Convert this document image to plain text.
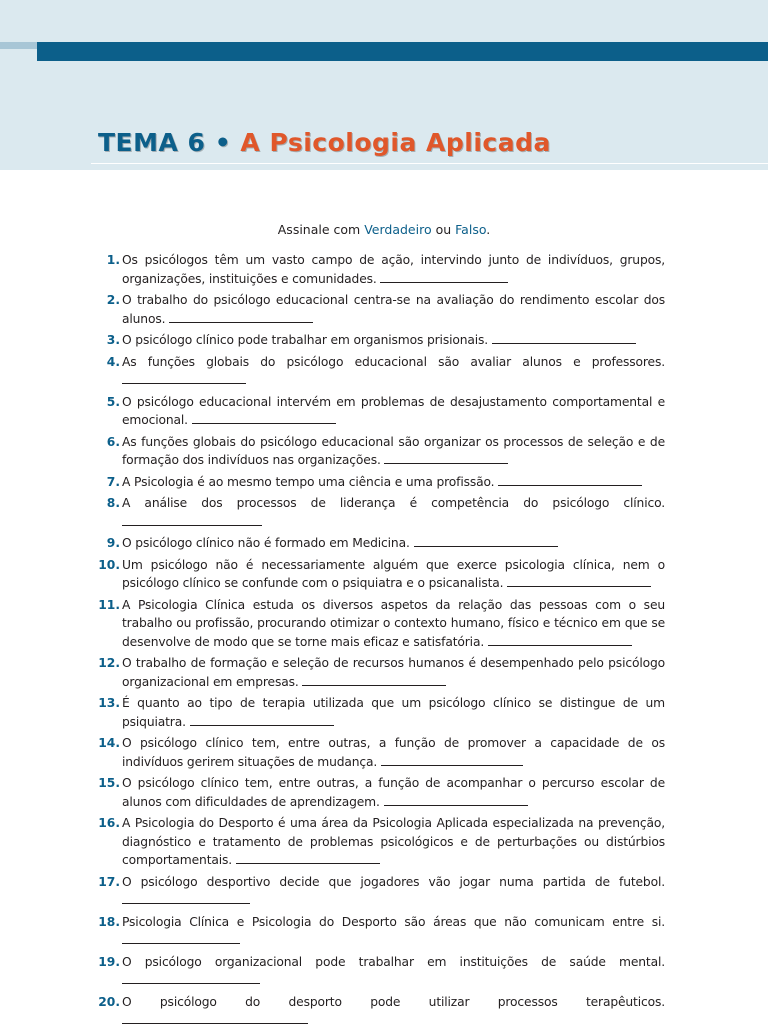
TEMA 6 • A Psicologia Aplicada
Assinale com Verdadeiro ou Falso.
1. Os psicólogos têm um vasto campo de ação, intervindo junto de indivíduos, grupos, organizações, instituições e comunidades.
2. O trabalho do psicólogo educacional centra-se na avaliação do rendimento escolar dos alunos.
3. O psicólogo clínico pode trabalhar em organismos prisionais.
4. As funções globais do psicólogo educacional são avaliar alunos e professores.
5. O psicólogo educacional intervém em problemas de desajustamento comportamental e emocional.
6. As funções globais do psicólogo educacional são organizar os processos de seleção e de formação dos indivíduos nas organizações.
7. A Psicologia é ao mesmo tempo uma ciência e uma profissão.
8. A análise dos processos de liderança é competência do psicólogo clínico.
9. O psicólogo clínico não é formado em Medicina.
10. Um psicólogo não é necessariamente alguém que exerce psicologia clínica, nem o psicólogo clínico se confunde com o psiquiatra e o psicanalista.
11. A Psicologia Clínica estuda os diversos aspetos da relação das pessoas com o seu trabalho ou profissão, procurando otimizar o contexto humano, físico e técnico em que se desenvolve de modo que se torne mais eficaz e satisfatória.
12. O trabalho de formação e seleção de recursos humanos é desempenhado pelo psicólogo organizacional em empresas.
13. É quanto ao tipo de terapia utilizada que um psicólogo clínico se distingue de um psiquiatra.
14. O psicólogo clínico tem, entre outras, a função de promover a capacidade de os indivíduos gerirem situações de mudança.
15. O psicólogo clínico tem, entre outras, a função de acompanhar o percurso escolar de alunos com dificuldades de aprendizagem.
16. A Psicologia do Desporto é uma área da Psicologia Aplicada especializada na prevenção, diagnóstico e tratamento de problemas psicológicos e de perturbações ou distúrbios comportamentais.
17. O psicólogo desportivo decide que jogadores vão jogar numa partida de futebol.
18. Psicologia Clínica e Psicologia do Desporto são áreas que não comunicam entre si.
19. O psicólogo organizacional pode trabalhar em instituições de saúde mental.
20. O psicólogo do desporto pode utilizar processos terapêuticos.
